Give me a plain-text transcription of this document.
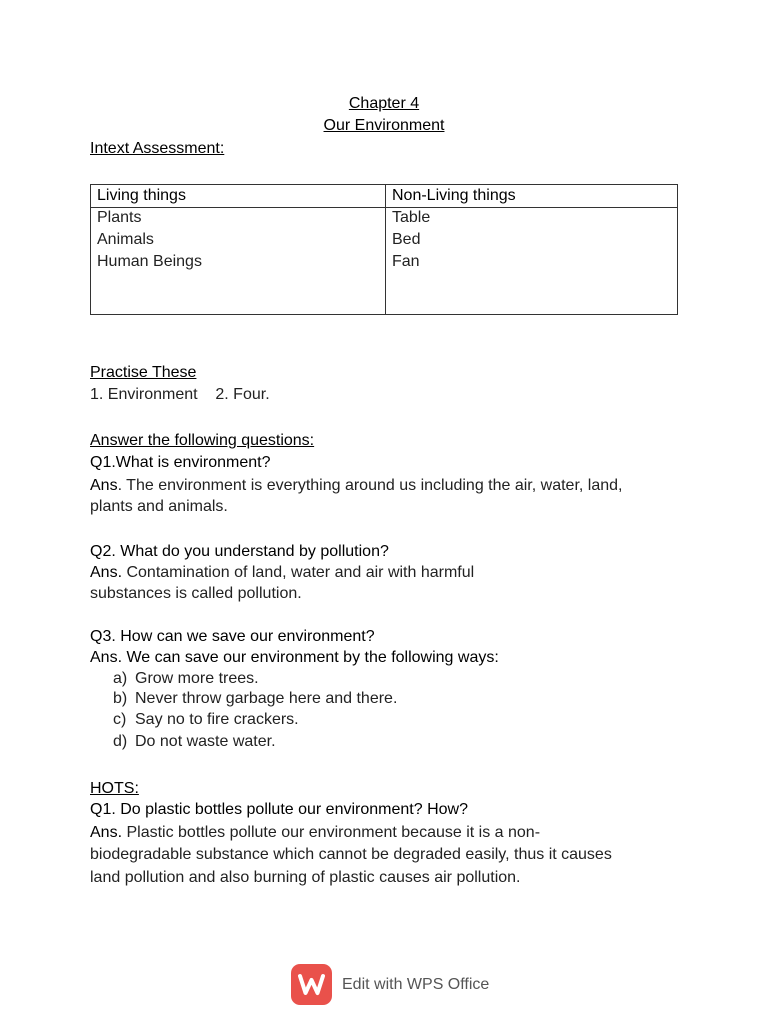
Chapter 4
Our Environment
Intext Assessment:
Living things
Plants
Animals
Human Beings
Non-Living things
Table
Bed
Fan
Practise These
1. Environment    2. Four.
Answer the following questions:
Q1.What is environment?
Ans. The environment is everything around us including the air, water, land,
plants and animals.
Q2. What do you understand by pollution?
Ans. Contamination of land, water and air with harmful
substances is called pollution.
Q3. How can we save our environment?
Ans. We can save our environment by the following ways:
a) Grow more trees.
b) Never throw garbage here and there.
c) Say no to fire crackers.
d) Do not waste water.
HOTS:
Q1. Do plastic bottles pollute our environment? How?
Ans. Plastic bottles pollute our environment because it is a non-
biodegradable substance which cannot be degraded easily, thus it causes
land pollution and also burning of plastic causes air pollution.
Edit with WPS Office
